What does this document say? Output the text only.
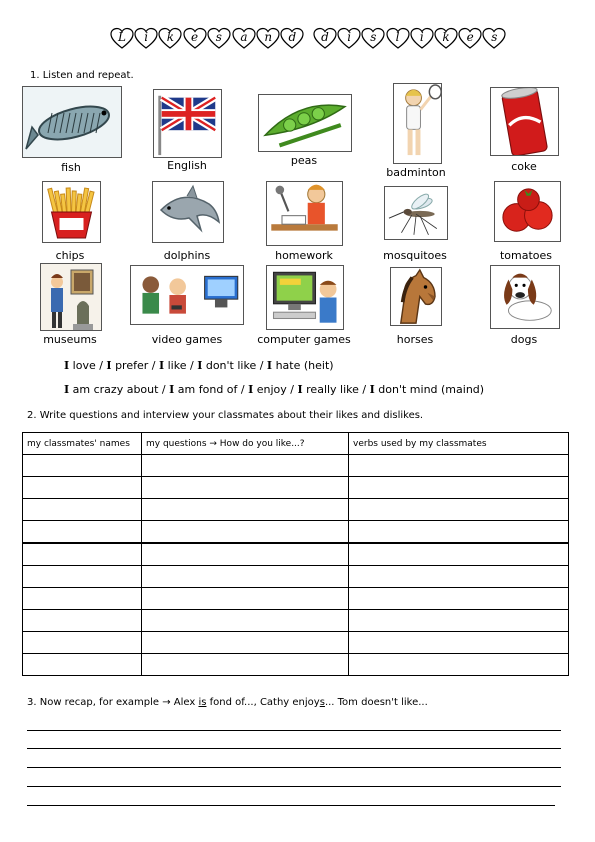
L	i	k	e	s	a	n	d	d	i	s	l	i	k	e	s
1. Listen and repeat.
fish	English	peas
badminton	coke
chips	dolphins	homework	mosquitoes	tomatoes
museums	video games	computer games	horses	dogs
I love / I prefer / I like / I don't like / I hate (heit)
I am crazy about / I am fond of / I enjoy / I really like / I don't mind (maind)
2. Write questions and interview your classmates about their likes and dislikes.
my classmates' names	my questions → How do you like...?	verbs used by my classmates

3. Now recap, for example → Alex is fond of..., Cathy enjoys... Tom doesn't like...
